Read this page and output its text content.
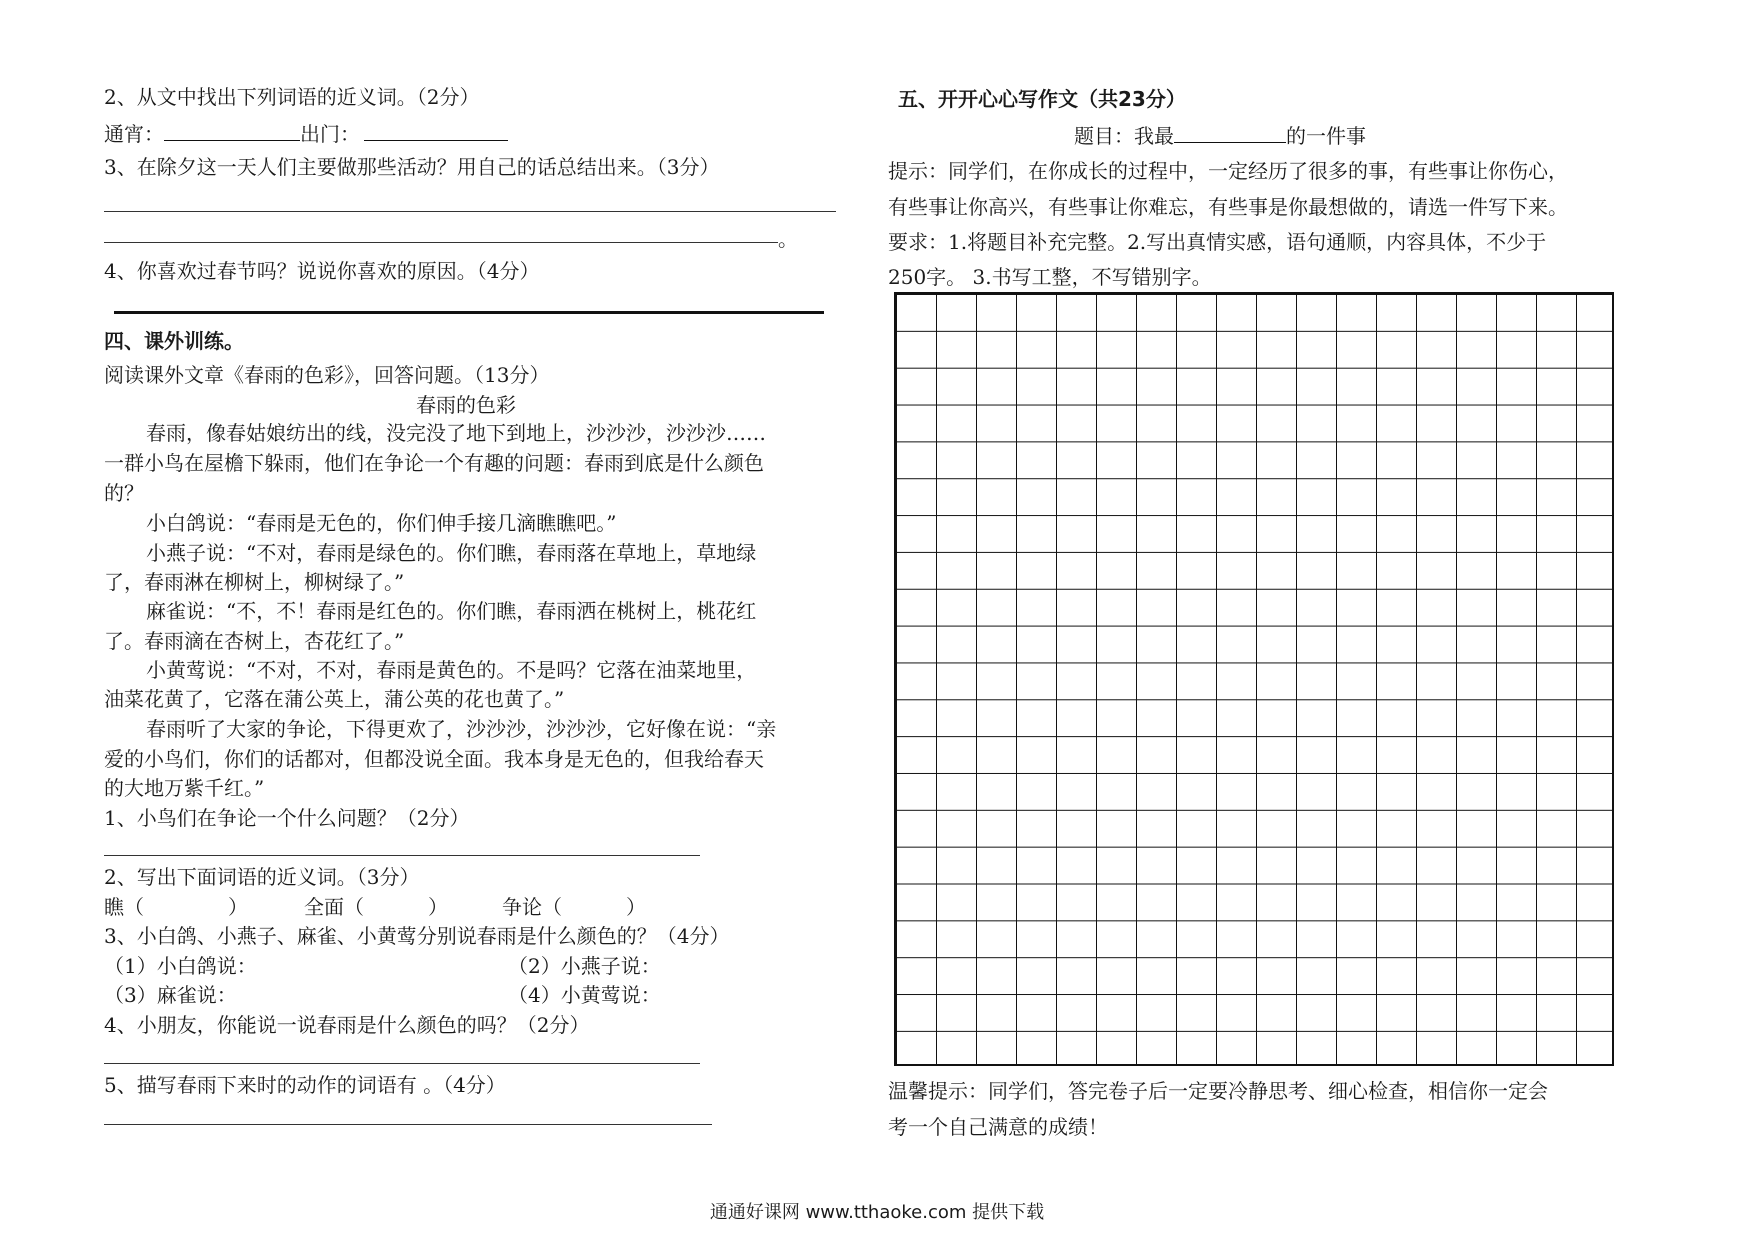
2、从文中找出下列词语的近义词。（2分）
通宵：	出门：
3、在除夕这一天人们主要做那些活动？用自己的话总结出来。（3分）
。
4、你喜欢过春节吗？说说你喜欢的原因。（4分）
四、课外训练。
阅读课外文章《春雨的色彩》，回答问题。（13分）
春雨的色彩
春雨，像春姑娘纺出的线，没完没了地下到地上，沙沙沙，沙沙沙……
一群小鸟在屋檐下躲雨，他们在争论一个有趣的问题：春雨到底是什么颜色
的？
小白鸽说：“春雨是无色的，你们伸手接几滴瞧瞧吧。”
小燕子说：“不对，春雨是绿色的。你们瞧，春雨落在草地上，草地绿
了，春雨淋在柳树上，柳树绿了。”
麻雀说：“不，不！春雨是红色的。你们瞧，春雨洒在桃树上，桃花红
了。春雨滴在杏树上，杏花红了。”
小黄莺说：“不对，不对，春雨是黄色的。不是吗？它落在油菜地里，
油菜花黄了，它落在蒲公英上，蒲公英的花也黄了。”
春雨听了大家的争论，下得更欢了，沙沙沙，沙沙沙，它好像在说：“亲
爱的小鸟们，你们的话都对，但都没说全面。我本身是无色的，但我给春天
的大地万紫千红。”
1、小鸟们在争论一个什么问题？（2分）
2、写出下面词语的近义词。（3分）
瞧（	）	全面（	）	争论（	）
3、小白鸽、小燕子、麻雀、小黄莺分别说春雨是什么颜色的？（4分）
（1）小白鸽说：	（2）小燕子说：
（3）麻雀说：	（4）小黄莺说：
4、小朋友，你能说一说春雨是什么颜色的吗？（2分）
5、描写春雨下来时的动作的词语有 。（4分）
五、开开心心写作文（共23分）
题目：我最	的一件事
提示：同学们，在你成长的过程中，一定经历了很多的事，有些事让你伤心，
有些事让你高兴，有些事让你难忘，有些事是你最想做的，请选一件写下来。
要求：1.将题目补充完整。2.写出真情实感，语句通顺，内容具体，不少于
250字。 3.书写工整，不写错别字。
温馨提示：同学们，答完卷子后一定要冷静思考、细心检查，相信你一定会
考一个自己满意的成绩！
通通好课网 www.tthaoke.com 提供下载
